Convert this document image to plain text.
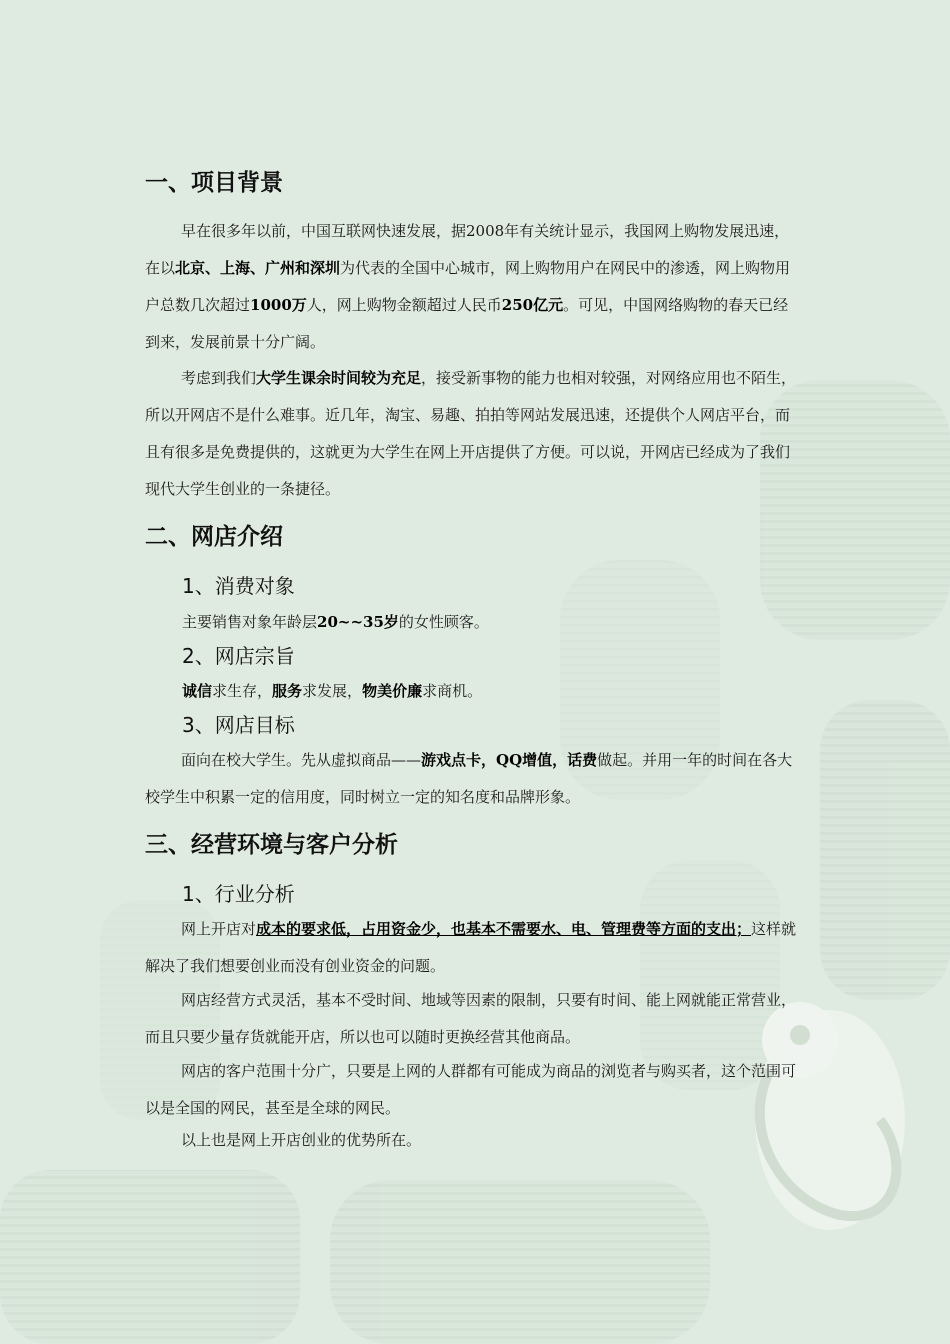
一、项目背景
早在很多年以前，中国互联网快速发展，据2008年有关统计显示，我国网上购物发展迅速，在以北京、上海、广州和深圳为代表的全国中心城市，网上购物用户在网民中的渗透，网上购物用户总数几次超过1000万人，网上购物金额超过人民币250亿元。可见，中国网络购物的春天已经到来，发展前景十分广阔。
考虑到我们大学生课余时间较为充足，接受新事物的能力也相对较强，对网络应用也不陌生，所以开网店不是什么难事。近几年，淘宝、易趣、拍拍等网站发展迅速，还提供个人网店平台，而且有很多是免费提供的，这就更为大学生在网上开店提供了方便。可以说，开网店已经成为了我们现代大学生创业的一条捷径。
二、网店介绍
1、消费对象
主要销售对象年龄层20~~35岁的女性顾客。
2、网店宗旨
诚信求生存，服务求发展，物美价廉求商机。
3、网店目标
面向在校大学生。先从虚拟商品——游戏点卡，QQ增值，话费做起。并用一年的时间在各大校学生中积累一定的信用度，同时树立一定的知名度和品牌形象。
三、经营环境与客户分析
1、行业分析
网上开店对成本的要求低，占用资金少，也基本不需要水、电、管理费等方面的支出；这样就解决了我们想要创业而没有创业资金的问题。
网店经营方式灵活，基本不受时间、地域等因素的限制，只要有时间、能上网就能正常营业，而且只要少量存货就能开店，所以也可以随时更换经营其他商品。
网店的客户范围十分广，只要是上网的人群都有可能成为商品的浏览者与购买者，这个范围可以是全国的网民，甚至是全球的网民。
以上也是网上开店创业的优势所在。
